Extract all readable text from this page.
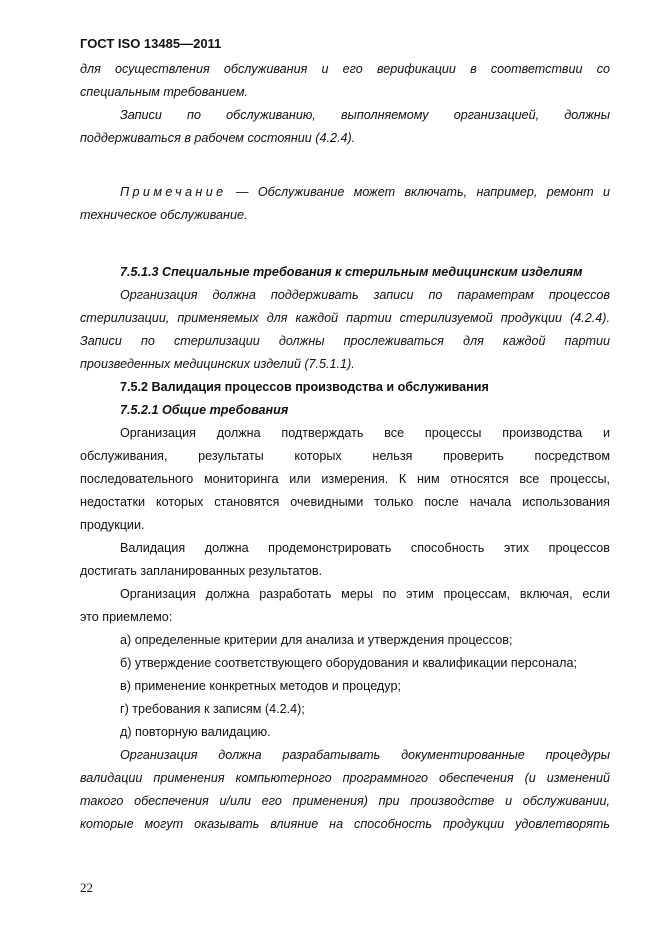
ГОСТ ISO 13485—2011

для осуществления обслуживания и его верификации в соответствии со

специальным требованием.

Записи по обслуживанию, выполняемому организацией, должны

поддерживаться в рабочем состоянии (4.2.4).

Примечание — Обслуживание может включать, например, ремонт и

техническое обслуживание.

7.5.1.3 Специальные требования к стерильным медицинским изделиям

Организация должна поддерживать записи по параметрам процессов

стерилизации, применяемых для каждой партии стерилизуемой продукции (4.2.4).

Записи по стерилизации должны прослеживаться для каждой партии

произведенных медицинских изделий (7.5.1.1).

7.5.2 Валидация процессов производства и обслуживания

7.5.2.1 Общие требования

Организация должна подтверждать все процессы производства и

обслуживания, результаты которых нельзя проверить посредством

последовательного мониторинга или измерения. К ним относятся все процессы,

недостатки которых становятся очевидными только после начала использования

продукции.

Валидация должна продемонстрировать способность этих процессов

достигать запланированных результатов.

Организация должна разработать меры по этим процессам, включая, если

это приемлемо:

а) определенные критерии для анализа и утверждения процессов;

б) утверждение соответствующего оборудования и квалификации персонала;

в) применение конкретных методов и процедур;

г) требования к записям (4.2.4);

д) повторную валидацию.

Организация должна разрабатывать документированные процедуры

валидации применения компьютерного программного обеспечения (и изменений

такого обеспечения и/или его применения) при производстве и обслуживании,

которые могут оказывать влияние на способность продукции удовлетворять

22
